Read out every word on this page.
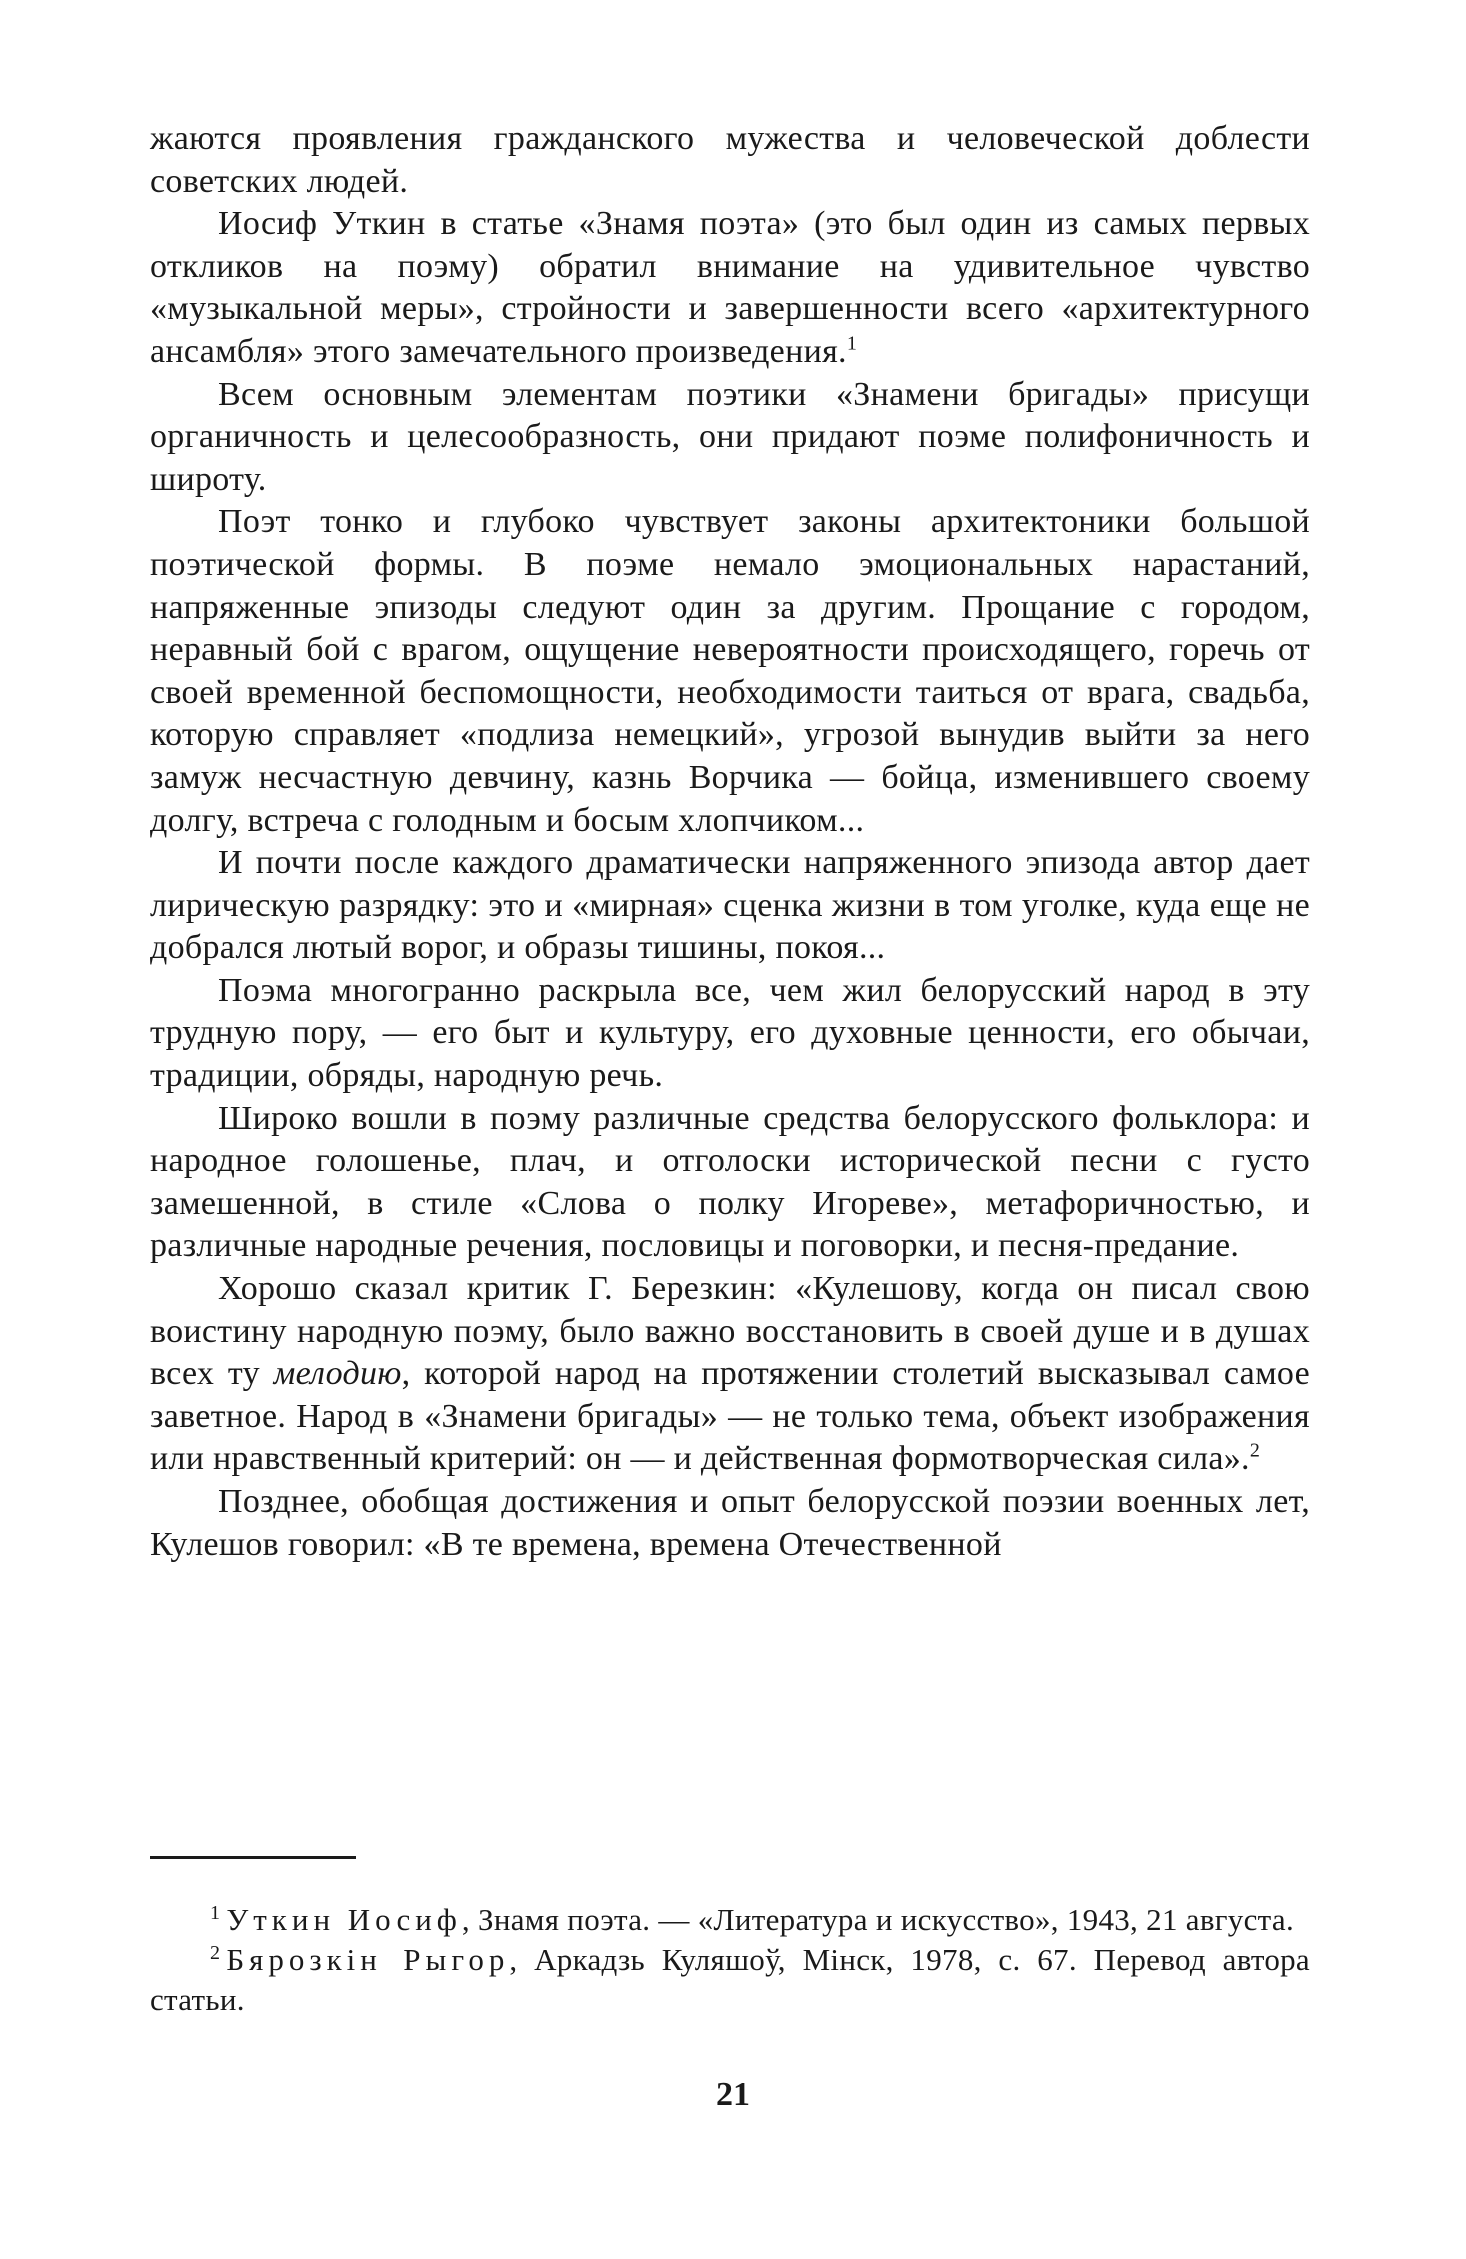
жаются проявления гражданского мужества и человеческой доблести советских людей.

Иосиф Уткин в статье «Знамя поэта» (это был один из самых первых откликов на поэму) обратил внимание на удивительное чувство «музыкальной меры», стройности и завершенности всего «архитектурного ансамбля» этого замечательного произведения.$^1$

Всем основным элементам поэтики «Знамени бригады» присущи органичность и целесообразность, они придают поэме полифоничность и широту.

Поэт тонко и глубоко чувствует законы архитектоники большой поэтической формы. В поэме немало эмоциональных нарастаний, напряженные эпизоды следуют один за другим. Прощание с городом, неравный бой с врагом, ощущение невероятности происходящего, горечь от своей временной беспомощности, необходимости таиться от врага, свадьба, которую справляет «подлиза немецкий», угрозой вынудив выйти за него замуж несчастную девчину, казнь Ворчика — бойца, изменившего своему долгу, встреча с голодным и босым хлопчиком...

И почти после каждого драматически напряженного эпизода автор дает лирическую разрядку: это и «мирная» сценка жизни в том уголке, куда еще не добрался лютый ворог, и образы тишины, покоя...

Поэма многогранно раскрыла все, чем жил белорусский народ в эту трудную пору, — его быт и культуру, его духовные ценности, его обычаи, традиции, обряды, народную речь.

Широко вошли в поэму различные средства белорусского фольклора: и народное голошенье, плач, и отголоски исторической песни с густо замешенной, в стиле «Слова о полку Игореве», метафоричностью, и различные народные речения, пословицы и поговорки, и песня-предание.

Хорошо сказал критик Г. Березкин: «Кулешову, когда он писал свою воистину народную поэму, было важно восстановить в своей душе и в душах всех ту мелодию, которой народ на протяжении столетий высказывал самое заветное. Народ в «Знамени бригады» — не только тема, объект изображения или нравственный критерий: он — и действенная формотворческая сила».$^2$

Позднее, обобщая достижения и опыт белорусской поэзии военных лет, Кулешов говорил: «В те времена, времена Отечественной

$^1$ Уткин Иосиф, Знамя поэта. — «Литература и искусство», 1943, 21 августа.

$^2$ Бярозкiн Рыгор, Аркадзь Куляшоў, Мiнск, 1978, с. 67. Перевод автора статьи.

21
